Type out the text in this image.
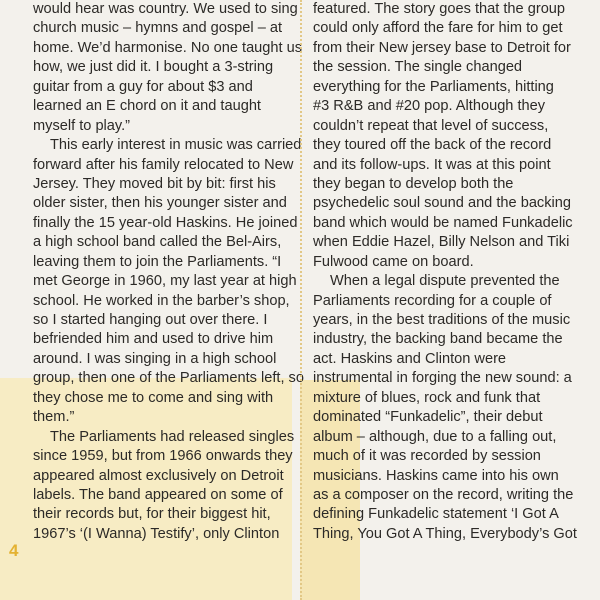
would hear was country. We used to sing
church music – hymns and gospel – at
home. We’d harmonise. No one taught us
how, we just did it. I bought a 3-string
guitar from a guy for about $3 and
learned an E chord on it and taught
myself to play.”
This early interest in music was carried
forward after his family relocated to New
Jersey. They moved bit by bit: first his
older sister, then his younger sister and
finally the 15 year-old Haskins. He joined
a high school band called the Bel-Airs,
leaving them to join the Parliaments. “I
met George in 1960, my last year at high
school. He worked in the barber’s shop,
so I started hanging out over there. I
befriended him and used to drive him
around. I was singing in a high school
group, then one of the Parliaments left, so
they chose me to come and sing with
them.”
The Parliaments had released singles
since 1959, but from 1966 onwards they
appeared almost exclusively on Detroit
labels. The band appeared on some of
their records but, for their biggest hit,
1967’s ‘(I Wanna) Testify’, only Clinton
featured. The story goes that the group
could only afford the fare for him to get
from their New jersey base to Detroit for
the session. The single changed
everything for the Parliaments, hitting
#3 R&B and #20 pop. Although they
couldn’t repeat that level of success,
they toured off the back of the record
and its follow-ups. It was at this point
they began to develop both the
psychedelic soul sound and the backing
band which would be named Funkadelic
when Eddie Hazel, Billy Nelson and Tiki
Fulwood came on board.
When a legal dispute prevented the
Parliaments recording for a couple of
years, in the best traditions of the music
industry, the backing band became the
act. Haskins and Clinton were
instrumental in forging the new sound: a
mixture of blues, rock and funk that
dominated “Funkadelic”, their debut
album – although, due to a falling out,
much of it was recorded by session
musicians. Haskins came into his own
as a composer on the record, writing the
defining Funkadelic statement ‘I Got A
Thing, You Got A Thing, Everybody’s Got
4
